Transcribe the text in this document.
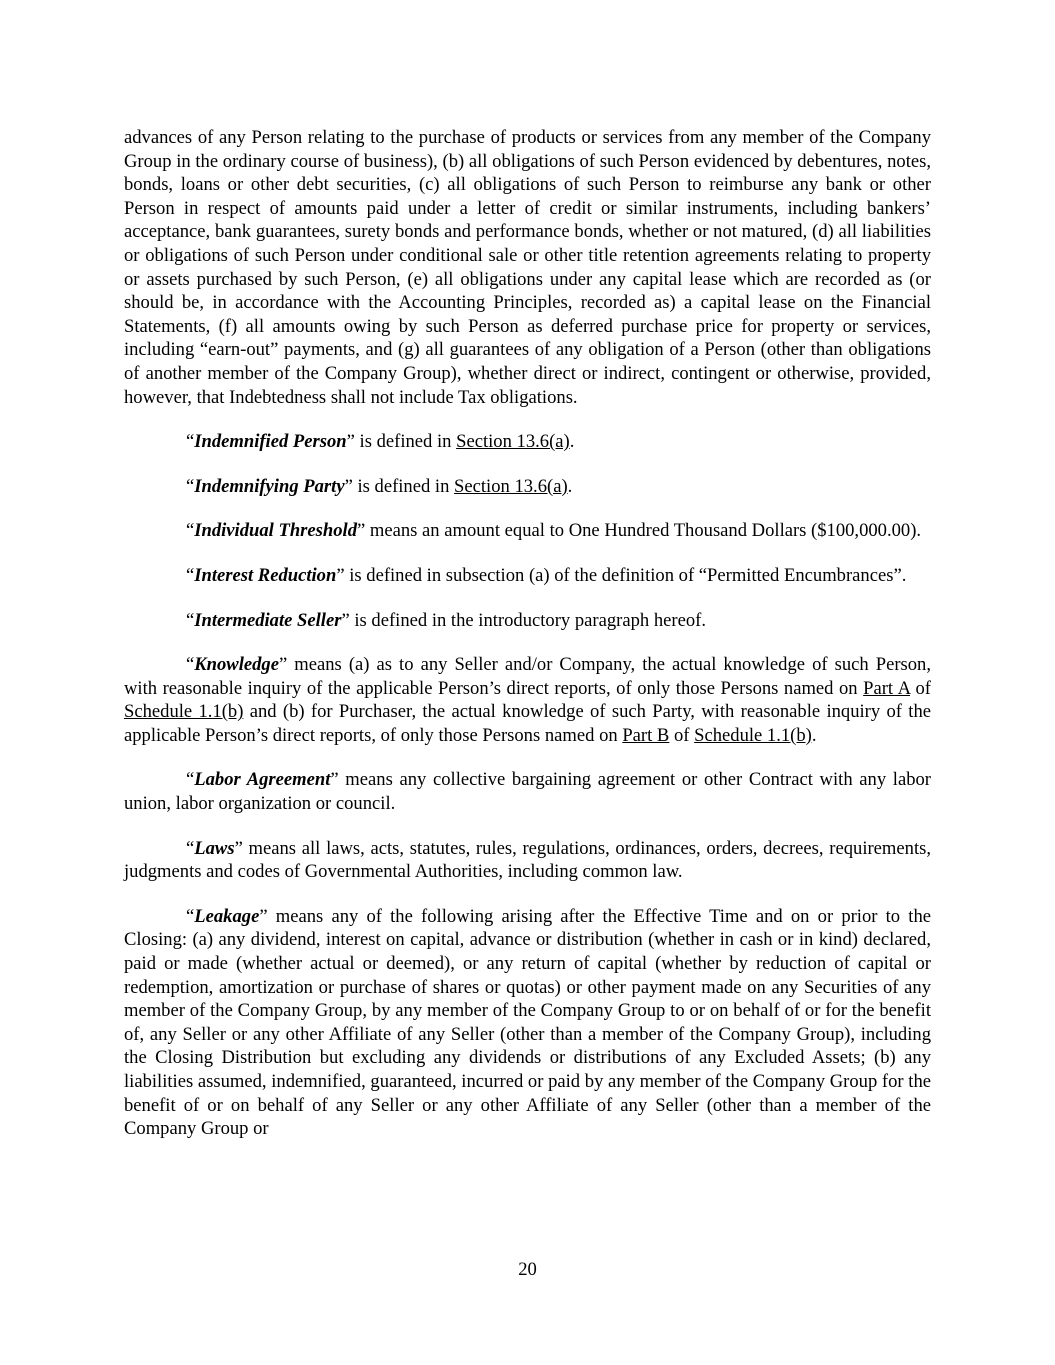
advances of any Person relating to the purchase of products or services from any member of the Company Group in the ordinary course of business), (b) all obligations of such Person evidenced by debentures, notes, bonds, loans or other debt securities, (c) all obligations of such Person to reimburse any bank or other Person in respect of amounts paid under a letter of credit or similar instruments, including bankers’ acceptance, bank guarantees, surety bonds and performance bonds, whether or not matured, (d) all liabilities or obligations of such Person under conditional sale or other title retention agreements relating to property or assets purchased by such Person, (e) all obligations under any capital lease which are recorded as (or should be, in accordance with the Accounting Principles, recorded as) a capital lease on the Financial Statements, (f) all amounts owing by such Person as deferred purchase price for property or services, including “earn-out” payments, and (g) all guarantees of any obligation of a Person (other than obligations of another member of the Company Group), whether direct or indirect, contingent or otherwise, provided, however, that Indebtedness shall not include Tax obligations.

“Indemnified Person” is defined in Section 13.6(a).

“Indemnifying Party” is defined in Section 13.6(a).

“Individual Threshold” means an amount equal to One Hundred Thousand Dollars ($100,000.00).

“Interest Reduction” is defined in subsection (a) of the definition of “Permitted Encumbrances”.

“Intermediate Seller” is defined in the introductory paragraph hereof.

“Knowledge” means (a) as to any Seller and/or Company, the actual knowledge of such Person, with reasonable inquiry of the applicable Person’s direct reports, of only those Persons named on Part A of Schedule 1.1(b) and (b) for Purchaser, the actual knowledge of such Party, with reasonable inquiry of the applicable Person’s direct reports, of only those Persons named on Part B of Schedule 1.1(b).

“Labor Agreement” means any collective bargaining agreement or other Contract with any labor union, labor organization or council.

“Laws” means all laws, acts, statutes, rules, regulations, ordinances, orders, decrees, requirements, judgments and codes of Governmental Authorities, including common law.

“Leakage” means any of the following arising after the Effective Time and on or prior to the Closing: (a) any dividend, interest on capital, advance or distribution (whether in cash or in kind) declared, paid or made (whether actual or deemed), or any return of capital (whether by reduction of capital or redemption, amortization or purchase of shares or quotas) or other payment made on any Securities of any member of the Company Group, by any member of the Company Group to or on behalf of or for the benefit of, any Seller or any other Affiliate of any Seller (other than a member of the Company Group), including the Closing Distribution but excluding any dividends or distributions of any Excluded Assets; (b) any liabilities assumed, indemnified, guaranteed, incurred or paid by any member of the Company Group for the benefit of or on behalf of any Seller or any other Affiliate of any Seller (other than a member of the Company Group or

20
